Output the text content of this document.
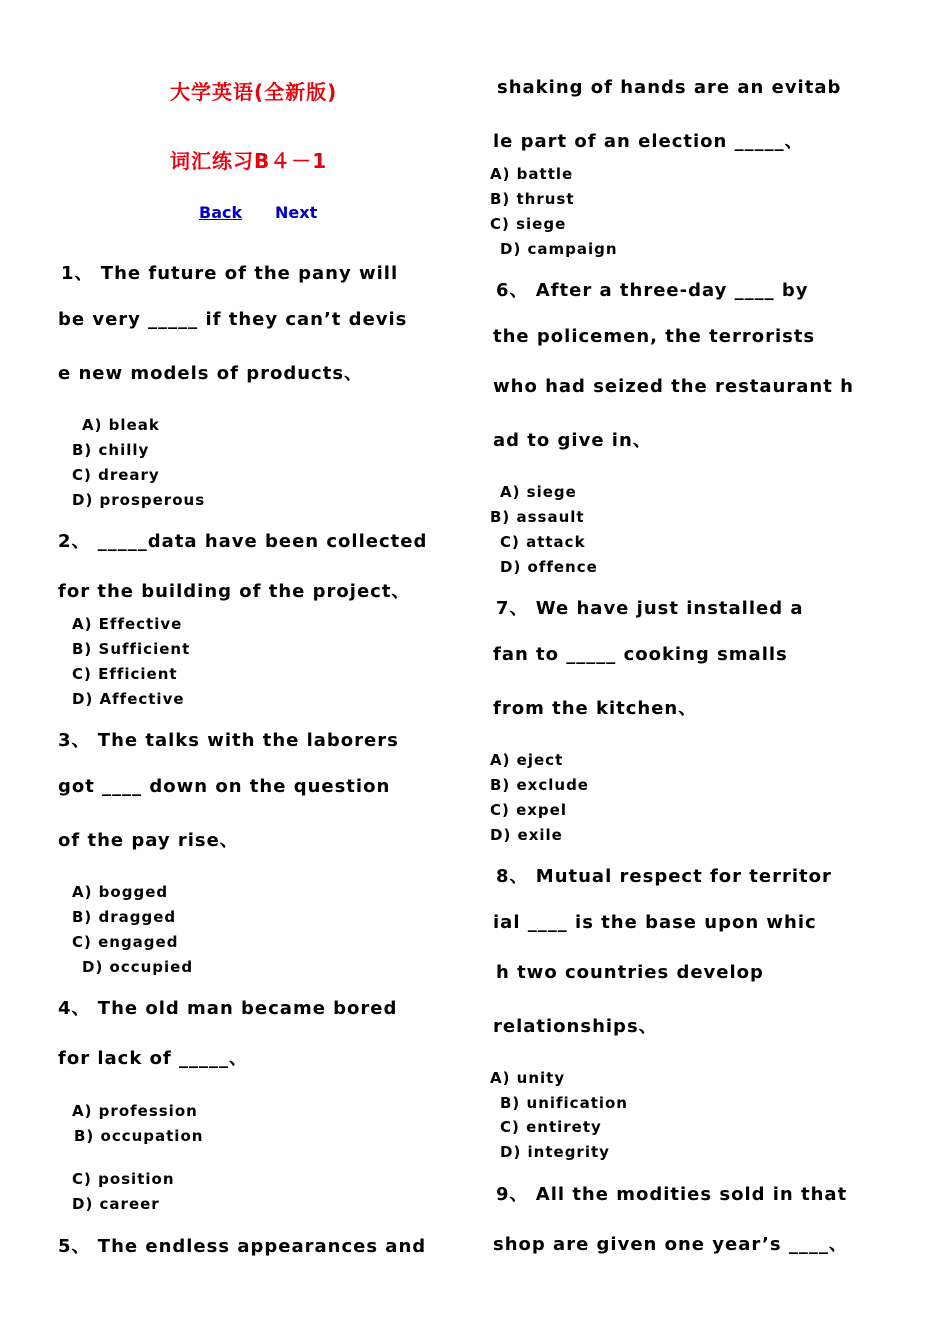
大学英语(全新版)
词汇练习B４－1
Back Next
1、 The future of the pany will
be very _____ if they can’t devis
e new models of products、
A) bleak
B) chilly
C) dreary
D) prosperous
2、 _____data have been collected
for the building of the project、
A) Effective
B) Sufficient
C) Efficient
D) Affective
3、 The talks with the laborers
got ____ down on the question
of the pay rise、
A) bogged
B) dragged
C) engaged
D) occupied
4、 The old man became bored
for lack of _____、
A) profession
B) occupation
C) position
D) career
5、 The endless appearances and
shaking of hands are an evitab
le part of an election _____、
A) battle
B) thrust
C) siege
D) campaign
6、 After a three-day ____ by
the policemen, the terrorists
who had seized the restaurant h
ad to give in、
A) siege
B) assault
C) attack
D) offence
7、 We have just installed a
fan to _____ cooking smalls
from the kitchen、
A) eject
B) exclude
C) expel
D) exile
8、 Mutual respect for territor
ial ____ is the base upon whic
h two countries develop
relationships、
A) unity
B) unification
C) entirety
D) integrity
9、 All the modities sold in that
shop are given one year’s ____、
